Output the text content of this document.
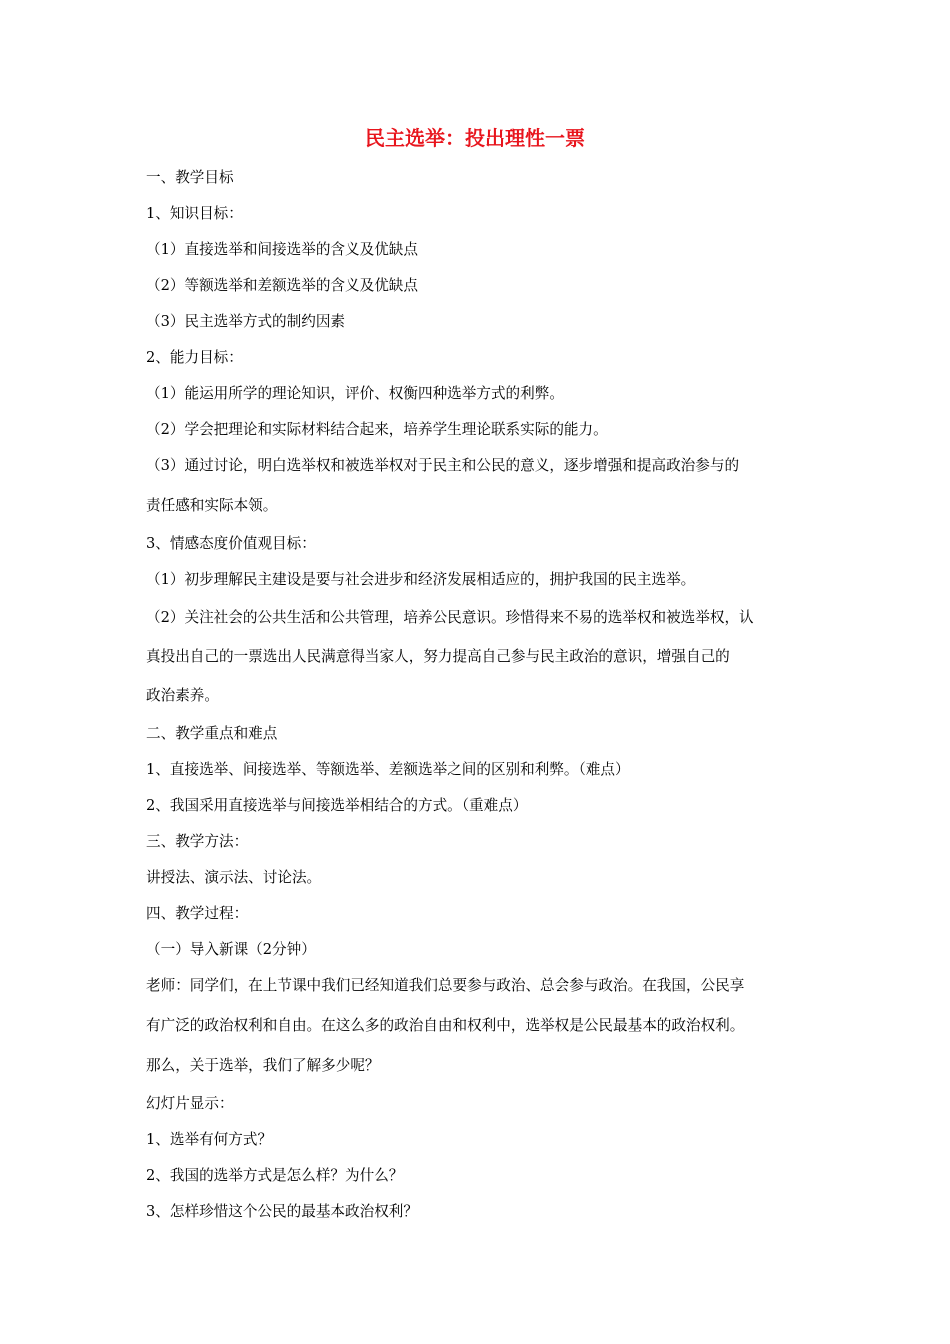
民主选举：投出理性一票

一、教学目标

1、知识目标：

（1）直接选举和间接选举的含义及优缺点

（2）等额选举和差额选举的含义及优缺点

（3）民主选举方式的制约因素

2、能力目标：

（1）能运用所学的理论知识，评价、权衡四种选举方式的利弊。

（2）学会把理论和实际材料结合起来，培养学生理论联系实际的能力。

（3）通过讨论，明白选举权和被选举权对于民主和公民的意义，逐步增强和提高政治参与的

责任感和实际本领。

3、情感态度价值观目标：

（1）初步理解民主建设是要与社会进步和经济发展相适应的，拥护我国的民主选举。

（2）关注社会的公共生活和公共管理，培养公民意识。珍惜得来不易的选举权和被选举权，认

真投出自己的一票选出人民满意得当家人，努力提高自己参与民主政治的意识，增强自己的

政治素养。

二、教学重点和难点

1、直接选举、间接选举、等额选举、差额选举之间的区别和利弊。（难点）

2、我国采用直接选举与间接选举相结合的方式。（重难点）

三、教学方法：

讲授法、演示法、讨论法。

四、教学过程：

（一）导入新课（2分钟）

老师：同学们，在上节课中我们已经知道我们总要参与政治、总会参与政治。在我国，公民享

有广泛的政治权利和自由。在这么多的政治自由和权利中，选举权是公民最基本的政治权利。

那么，关于选举，我们了解多少呢？

幻灯片显示：

1、选举有何方式？

2、我国的选举方式是怎么样？为什么？

3、怎样珍惜这个公民的最基本政治权利？
